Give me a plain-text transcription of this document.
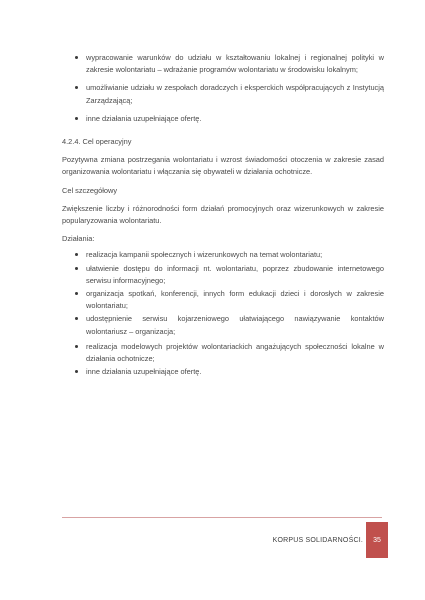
wypracowanie warunków do udziału w kształtowaniu lokalnej i regionalnej polityki w zakresie wolontariatu – wdrażanie programów wolontariatu w środowisku lokalnym;
umożliwianie udziału w zespołach doradczych i eksperckich współpracujących z Instytucją Zarządzającą;
inne działania uzupełniające ofertę.

4.2.4. Cel operacyjny

Pozytywna zmiana postrzegania wolontariatu i wzrost świadomości otoczenia w zakresie zasad organizowania wolontariatu i włączania się obywateli w działania ochotnicze.

Cel szczegółowy

Zwiększenie liczby i różnorodności form działań promocyjnych oraz wizerunkowych w zakresie popularyzowania wolontariatu.

Działania:

realizacja kampanii społecznych i wizerunkowych na temat wolontariatu;
ułatwienie dostępu do informacji nt. wolontariatu, poprzez zbudowanie internetowego serwisu informacyjnego;
organizacja spotkań, konferencji, innych form edukacji dzieci i dorosłych w zakresie wolontariatu;
udostępnienie serwisu kojarzeniowego ułatwiającego nawiązywanie kontaktów wolontariusz – organizacja;
realizacja modelowych projektów wolontariackich angażujących społeczności lokalne w działania ochotnicze;
inne działania uzupełniające ofertę.
KORPUS SOLIDARNOŚCI. 35
